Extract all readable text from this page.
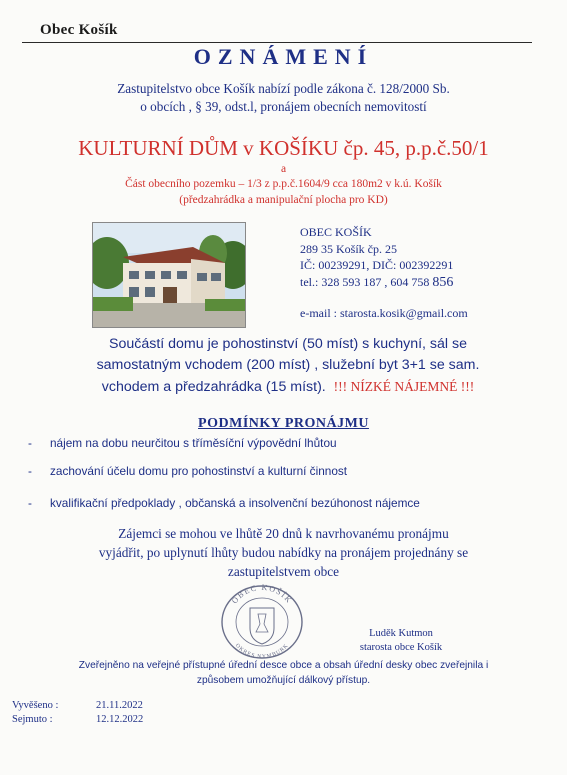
Obec Košík
OZNÁMENÍ
Zastupitelstvo obce Košík nabízí podle zákona č. 128/2000 Sb.
o obcích , § 39, odst.l, pronájem obecních nemovitostí
KULTURNÍ DŮM v KOŠÍKU čp. 45, p.p.č.50/1
a
Část obecního pozemku – 1/3 z p.p.č.1604/9 cca 180m2 v k.ú. Košík
(předzahrádka a manipulační plocha pro KD)
OBEC KOŠÍK
289 35 Košík čp. 25
IČ: 00239291, DIČ: 002392291
tel.: 328 593 187 , 604 758 856
e-mail : starosta.kosik@gmail.com
Součástí domu je pohostinství (50 míst) s kuchyní, sál se
samostatným vchodem (200 míst) , služební byt 3+1 se sam.
vchodem a předzahrádka (15 míst). !!! NÍZKÉ NÁJEMNÉ !!!
PODMÍNKY PRONÁJMU
- nájem na dobu neurčitou s tříměsíční výpovědní lhůtou
- zachování účelu domu pro pohostinství a kulturní činnost
- kvalifikační předpoklady , občanská a insolvenční bezúhonost nájemce
Zájemci se mohou ve lhůtě 20 dnů k navrhovanému pronájmu
vyjádřit, po uplynutí lhůty budou nabídky na pronájem projednány se
zastupitelstvem obce
OBEC KOŠÍK
OKRES NYMBURK
Luděk Kutmon
starosta obce Košík
Zveřejněno na veřejné přístupné úřední desce obce a obsah úřední desky obec zveřejnila i
způsobem umožňující dálkový přístup.
Vyvěšeno :	21.11.2022
Sejmuto :	12.12.2022
